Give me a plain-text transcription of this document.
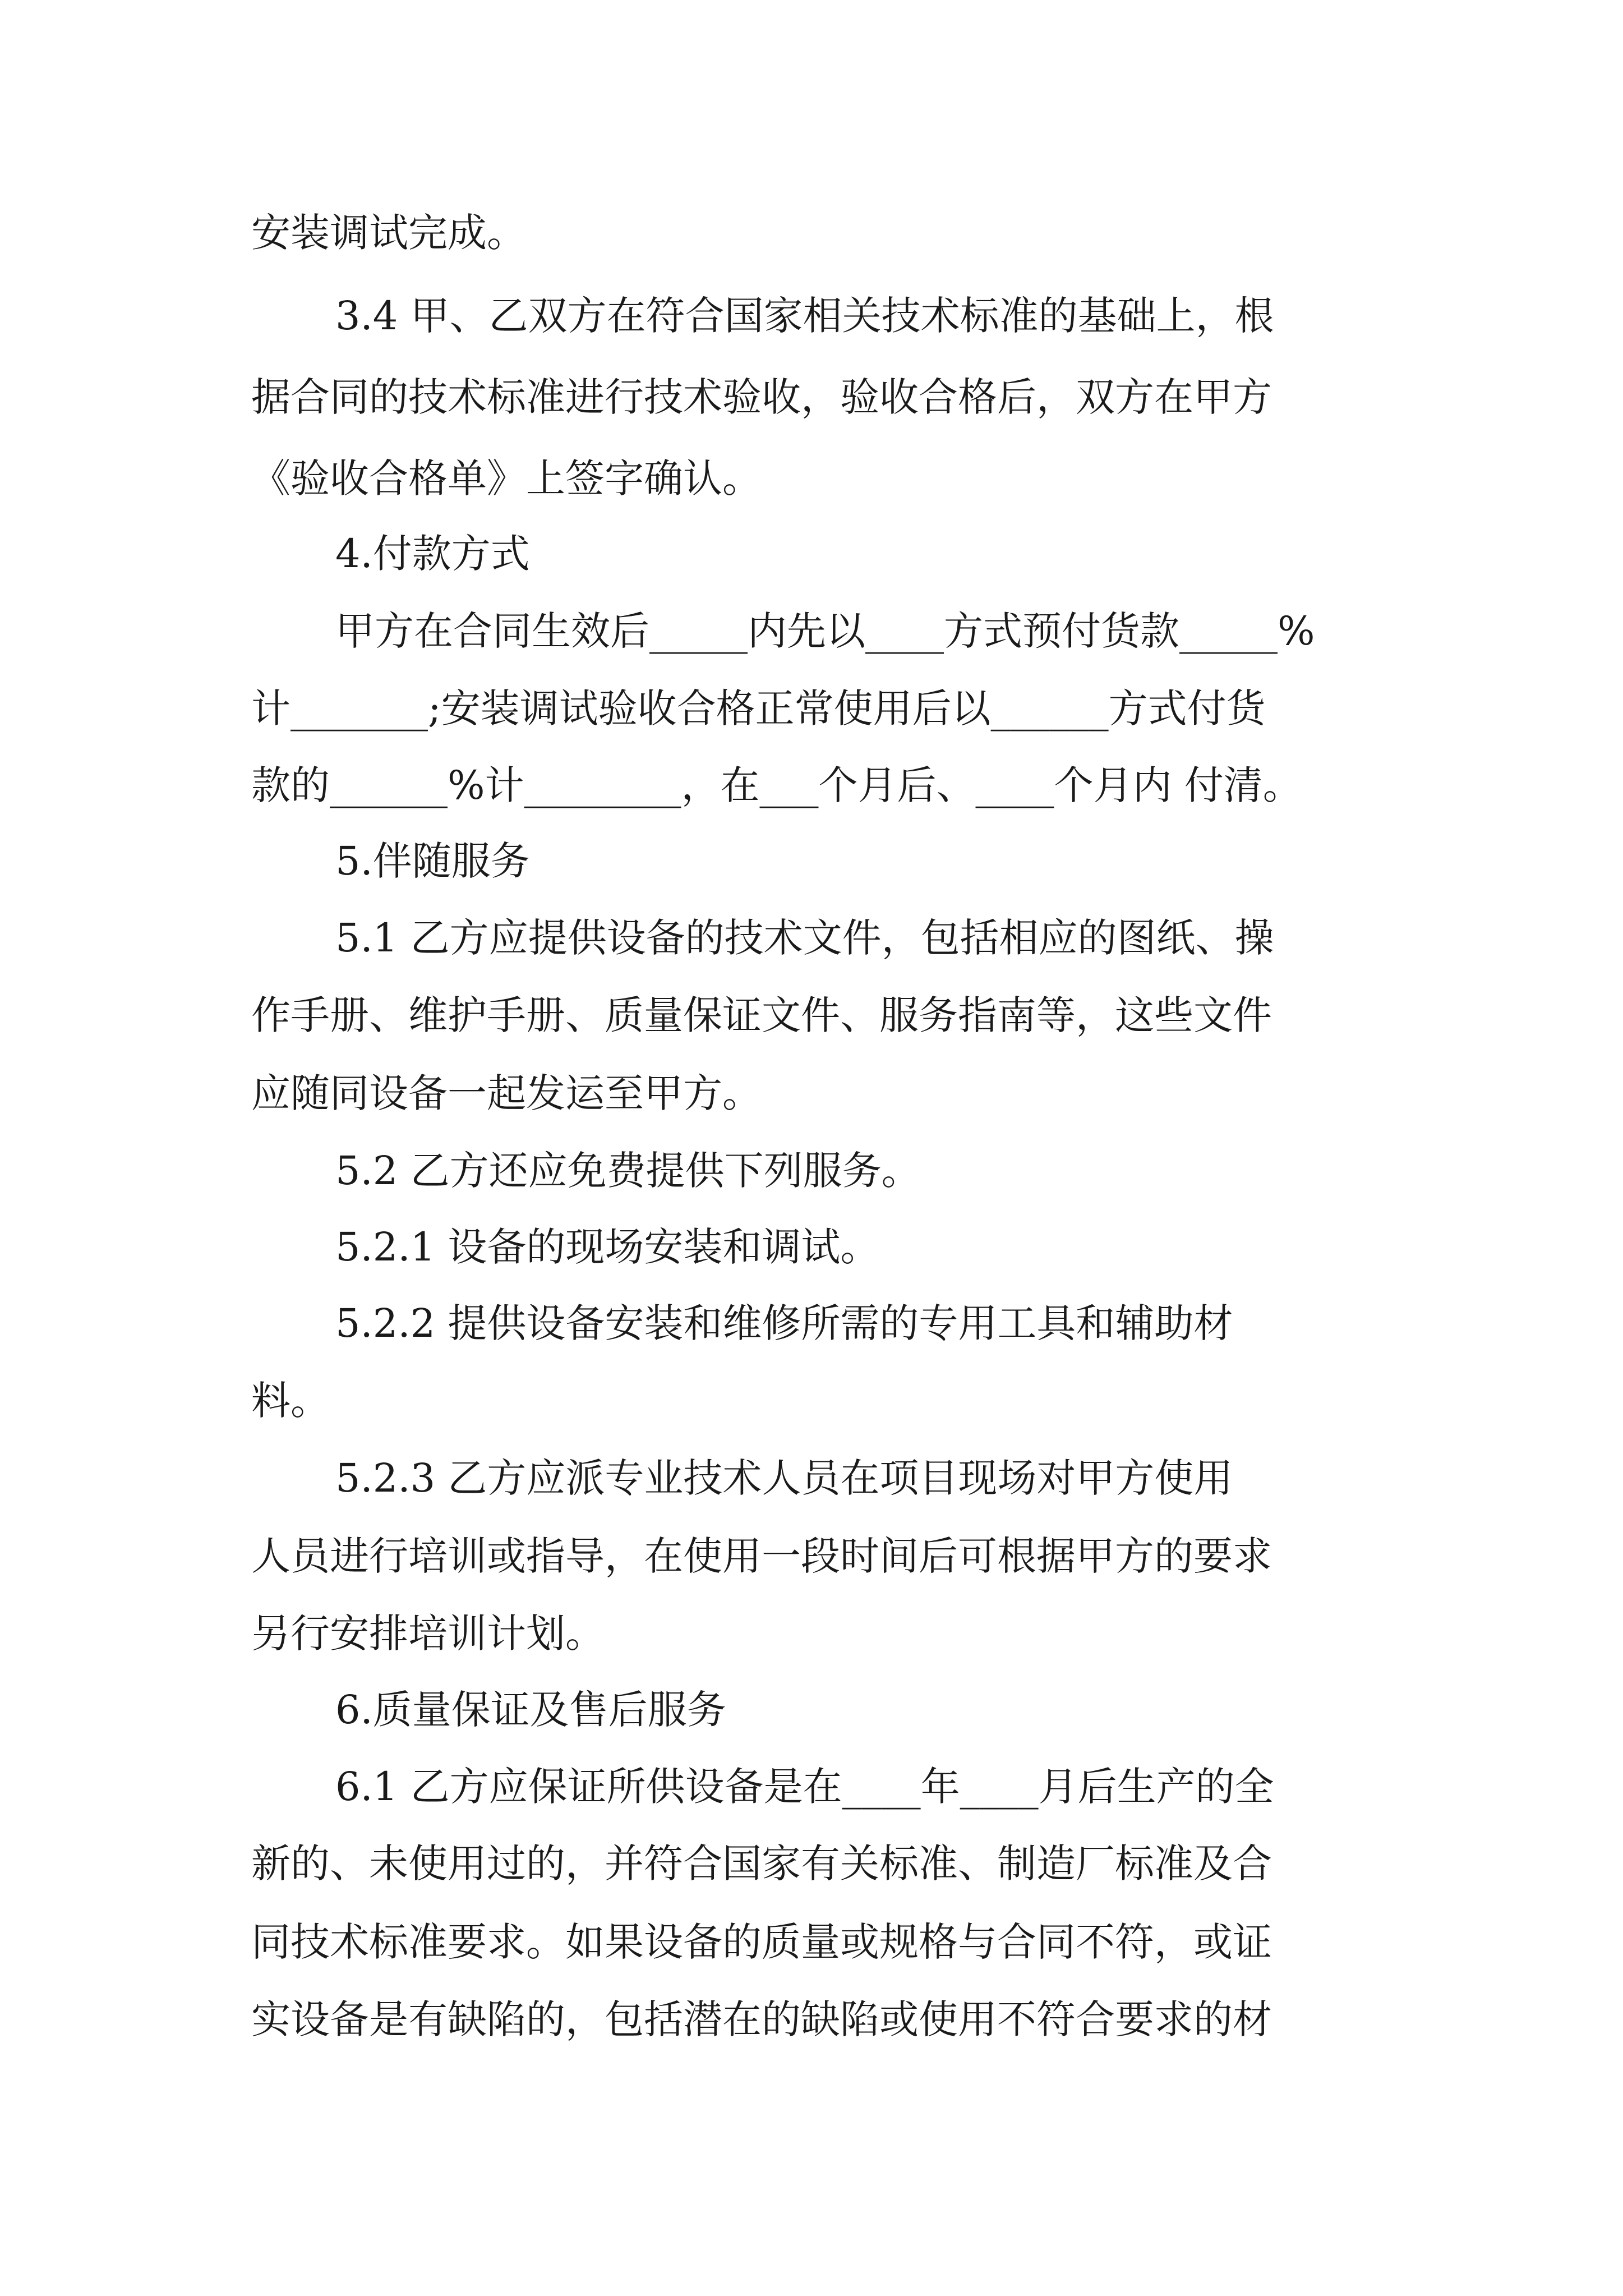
安装调试完成。

3.4 甲、乙双方在符合国家相关技术标准的基础上，根

据合同的技术标准进行技术验收，验收合格后，双方在甲方

《验收合格单》上签字确认。

4.付款方式

甲方在合同生效后_____内先以____方式预付货款_____%

计_______;安装调试验收合格正常使用后以______方式付货

款的______%计________，在___个月后、____个月内 付清。

5.伴随服务

5.1 乙方应提供设备的技术文件，包括相应的图纸、操

作手册、维护手册、质量保证文件、服务指南等，这些文件

应随同设备一起发运至甲方。

5.2 乙方还应免费提供下列服务。

5.2.1 设备的现场安装和调试。

5.2.2 提供设备安装和维修所需的专用工具和辅助材

料。

5.2.3 乙方应派专业技术人员在项目现场对甲方使用

人员进行培训或指导，在使用一段时间后可根据甲方的要求

另行安排培训计划。

6.质量保证及售后服务

6.1 乙方应保证所供设备是在____年____月后生产的全

新的、未使用过的，并符合国家有关标准、制造厂标准及合

同技术标准要求。如果设备的质量或规格与合同不符，或证

实设备是有缺陷的，包括潜在的缺陷或使用不符合要求的材
